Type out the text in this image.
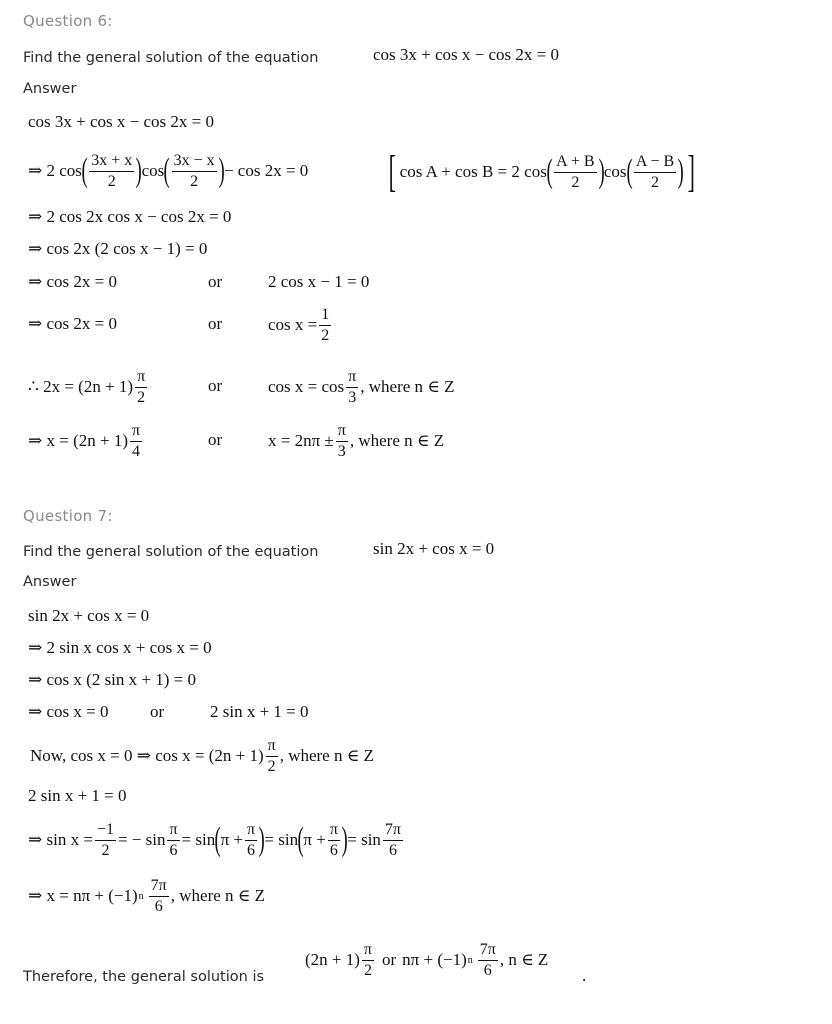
Question 6:
Find the general solution of the equation	cos 3x + cos x − cos 2x = 0
Answer
cos 3x + cos x − cos 2x = 0
⇒ 2 cos ( $\frac{3x + x}{2}$ ) cos ( $\frac{3x - x}{2}$ ) − cos 2x = 0 [ cos A + cos B = 2 cos ( $\frac{A + B}{2}$ ) cos ( $\frac{A - B}{2}$ ) ]
⇒ 2 cos 2x cos x − cos 2x = 0
⇒ cos 2x (2 cos x − 1) = 0
⇒ cos 2x = 0	or	2 cos x − 1 = 0
⇒ cos 2x = 0	or	$\cos x = \frac{1}{2}$
∴ $2x = (2n + 1) \frac{\pi}{2}$	or	$\cos x = \cos \frac{\pi}{3}$ , where n ∈ Z
⇒ $x = (2n + 1) \frac{\pi}{4}$	or	$x = 2n\pi \pm \frac{\pi}{3}$ , where n ∈ Z
Question 7:
Find the general solution of the equation	sin 2x + cos x = 0
Answer
sin 2x + cos x = 0
⇒ 2 sin x cos x + cos x = 0
⇒ cos x (2 sin x + 1) = 0
⇒ cos x = 0 or	2 sin x + 1 = 0
Now, cos x = 0 ⇒ $\cos x = (2n + 1) \frac{\pi}{2}$ , where n ∈ Z
2 sin x + 1 = 0
⇒ $\sin x = \frac{-1}{2}$ = − $\sin \frac{\pi}{6} = \sin$ ( $\pi + \frac{\pi}{6}$ ) = sin ( $\pi + \frac{\pi}{6}$ ) = $\sin \frac{7\pi}{6}$
⇒ x = nπ + (−1) n $\frac{7\pi}{6}$ , where n ∈ Z
Therefore, the general solution is
$(2n + 1) \frac{\pi}{2}$ or nπ + (−1) n $\frac{7\pi}{6}$ , n ∈ Z
.
